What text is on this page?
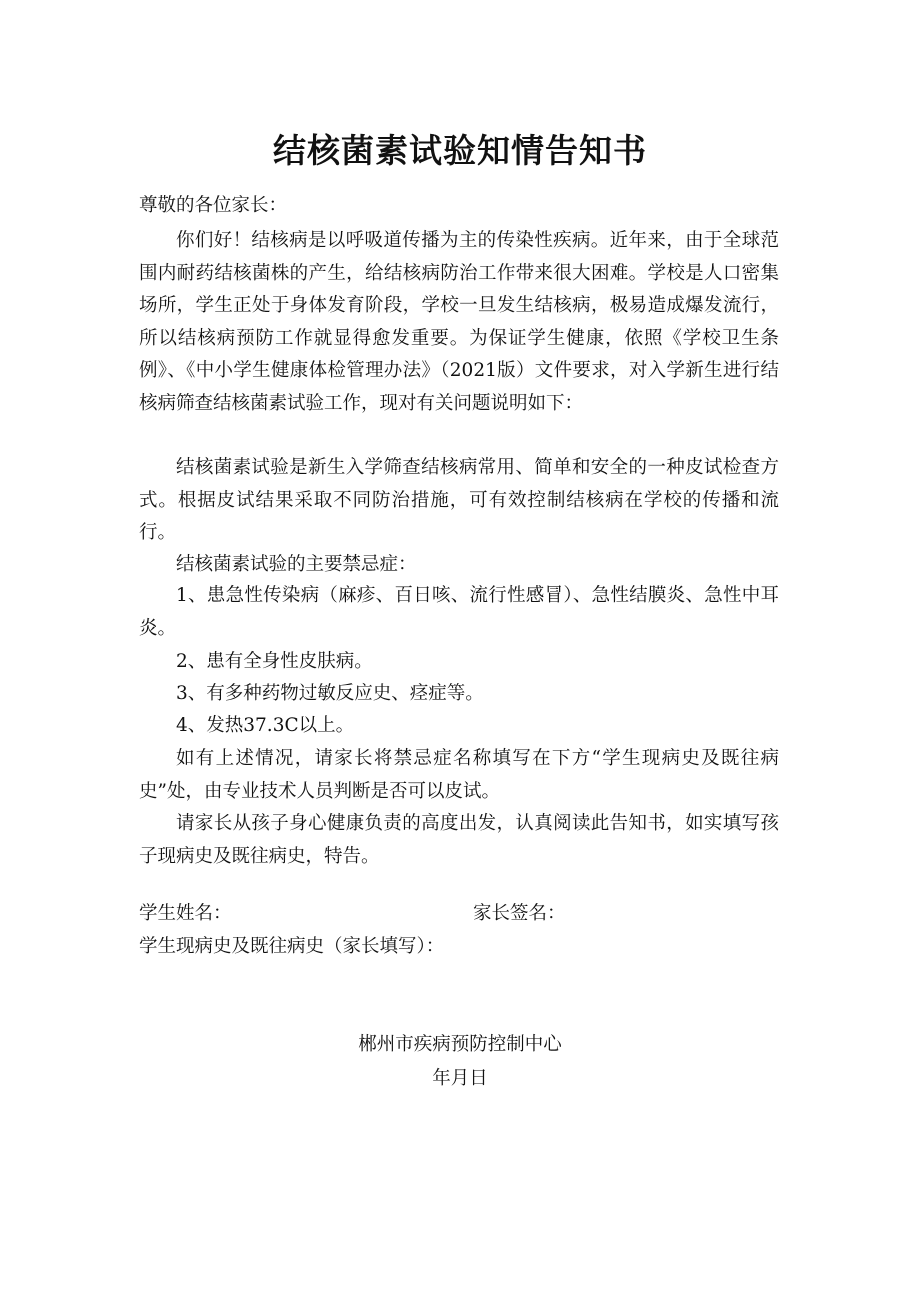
结核菌素试验知情告知书
尊敬的各位家长：
你们好！结核病是以呼吸道传播为主的传染性疾病。近年来，由于全球范围内耐药结核菌株的产生，给结核病防治工作带来很大困难。学校是人口密集场所，学生正处于身体发育阶段，学校一旦发生结核病，极易造成爆发流行，所以结核病预防工作就显得愈发重要。为保证学生健康，依照《学校卫生条例》、《中小学生健康体检管理办法》（2021版）文件要求，对入学新生进行结核病筛查结核菌素试验工作，现对有关问题说明如下：
结核菌素试验是新生入学筛查结核病常用、简单和安全的一种皮试检查方式。根据皮试结果采取不同防治措施，可有效控制结核病在学校的传播和流行。
结核菌素试验的主要禁忌症：
1、患急性传染病（麻疹、百日咳、流行性感冒）、急性结膜炎、急性中耳炎。
2、患有全身性皮肤病。
3、有多种药物过敏反应史、痉症等。
4、发热37.3C以上。
如有上述情况，请家长将禁忌症名称填写在下方“学生现病史及既往病史”处，由专业技术人员判断是否可以皮试。
请家长从孩子身心健康负责的高度出发，认真阅读此告知书，如实填写孩子现病史及既往病史，特告。
学生姓名：	家长签名：
学生现病史及既往病史（家长填写）：
郴州市疾病预防控制中心
年月日
